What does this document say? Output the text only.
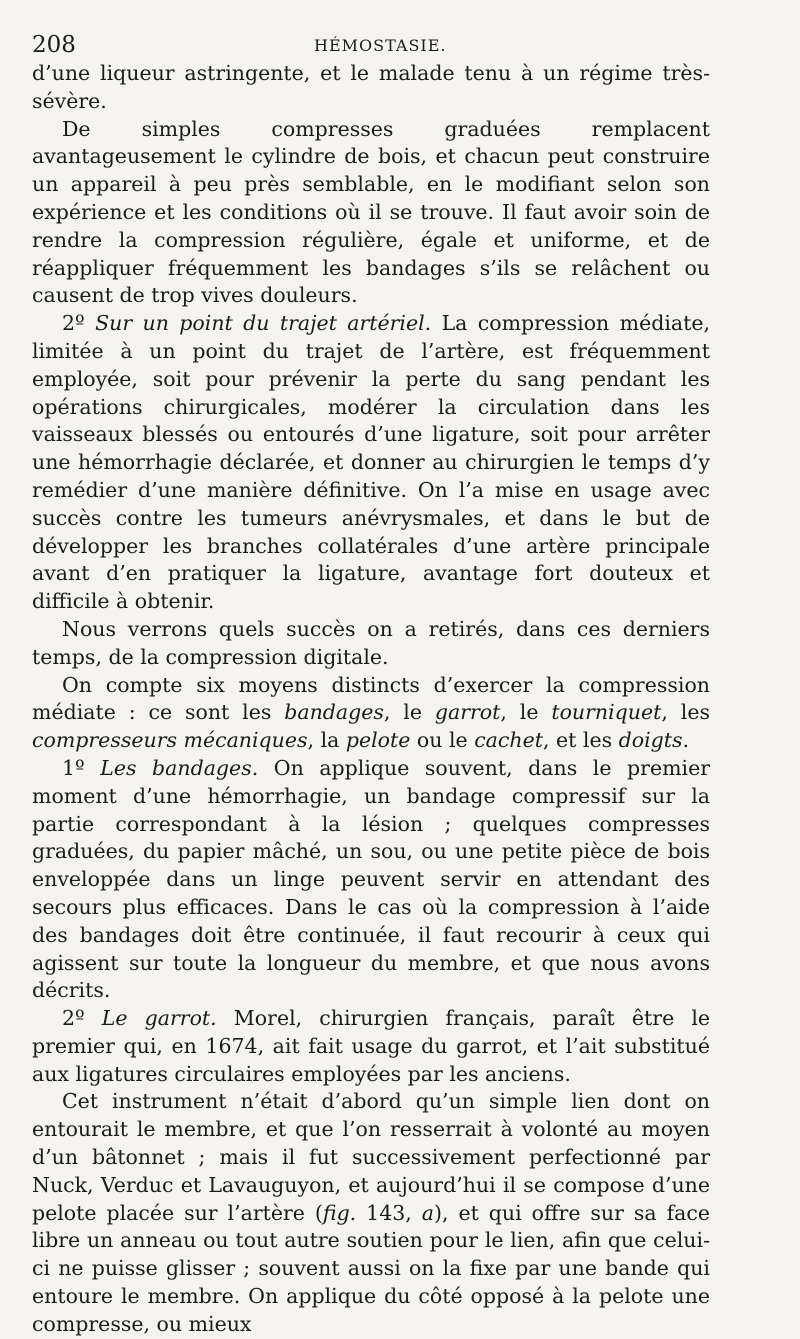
208	HÉMOSTASIE.

d’une liqueur astringente, et le malade tenu à un régime très-sévère.

De simples compresses graduées remplacent avantageusement le cylindre de bois, et chacun peut construire un appareil à peu près semblable, en le modifiant selon son expérience et les conditions où il se trouve. Il faut avoir soin de rendre la compression régulière, égale et uniforme, et de réappliquer fréquemment les bandages s’ils se relâchent ou causent de trop vives douleurs.

2º Sur un point du trajet artériel. La compression médiate, limitée à un point du trajet de l’artère, est fréquemment employée, soit pour prévenir la perte du sang pendant les opérations chirurgicales, modérer la circulation dans les vaisseaux blessés ou entourés d’une ligature, soit pour arrêter une hémorrhagie déclarée, et donner au chirurgien le temps d’y remédier d’une manière définitive. On l’a mise en usage avec succès contre les tumeurs anévrysmales, et dans le but de développer les branches collatérales d’une artère principale avant d’en pratiquer la ligature, avantage fort douteux et difficile à obtenir.

Nous verrons quels succès on a retirés, dans ces derniers temps, de la compression digitale.

On compte six moyens distincts d’exercer la compression médiate : ce sont les bandages, le garrot, le tourniquet, les compresseurs mécaniques, la pelote ou le cachet, et les doigts.

1º Les bandages. On applique souvent, dans le premier moment d’une hémorrhagie, un bandage compressif sur la partie correspondant à la lésion ; quelques compresses graduées, du papier mâché, un sou, ou une petite pièce de bois enveloppée dans un linge peuvent servir en attendant des secours plus efficaces. Dans le cas où la compression à l’aide des bandages doit être continuée, il faut recourir à ceux qui agissent sur toute la longueur du membre, et que nous avons décrits.

2º Le garrot. Morel, chirurgien français, paraît être le premier qui, en 1674, ait fait usage du garrot, et l’ait substitué aux ligatures circulaires employées par les anciens.

Cet instrument n’était d’abord qu’un simple lien dont on entourait le membre, et que l’on resserrait à volonté au moyen d’un bâtonnet ; mais il fut successivement perfectionné par Nuck, Verduc et Lavauguyon, et aujourd’hui il se compose d’une pelote placée sur l’artère (fig. 143, a), et qui offre sur sa face libre un anneau ou tout autre soutien pour le lien, afin que celui-ci ne puisse glisser ; souvent aussi on la fixe par une bande qui entoure le membre. On applique du côté opposé à la pelote une compresse, ou mieux
